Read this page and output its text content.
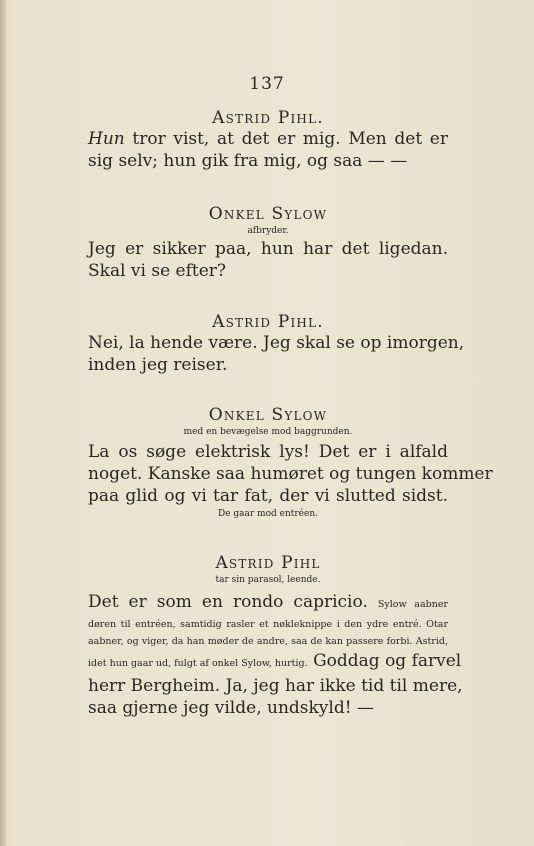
137
Astrid Pihl.
Hun tror vist, at det er mig. Men det er
sig selv; hun gik fra mig, og saa — —
Onkel Sylow
afbryder.
Jeg er sikker paa, hun har det ligedan.
Skal vi se efter?
Astrid Pihl.
Nei, la hende være. Jeg skal se op imorgen,
inden jeg reiser.
Onkel Sylow
med en bevægelse mod baggrunden.
La os søge elektrisk lys! Det er i alfald
noget. Kanske saa humøret og tungen kommer
paa glid og vi tar fat, der vi slutted sidst.
De gaar mod entréen.
Astrid Pihl
tar sin parasol, leende.
Det er som en rondo capricio. Sylow aabner
døren til entréen, samtidig rasler et nøkleknippe i den ydre entré. Otar
aabner, og viger, da han møder de andre, saa de kan passere forbi. Astrid,
idet hun gaar ud, fulgt af onkel Sylow, hurtig. Goddag og farvel
herr Bergheim. Ja, jeg har ikke tid til mere,
saa gjerne jeg vilde, undskyld! —
